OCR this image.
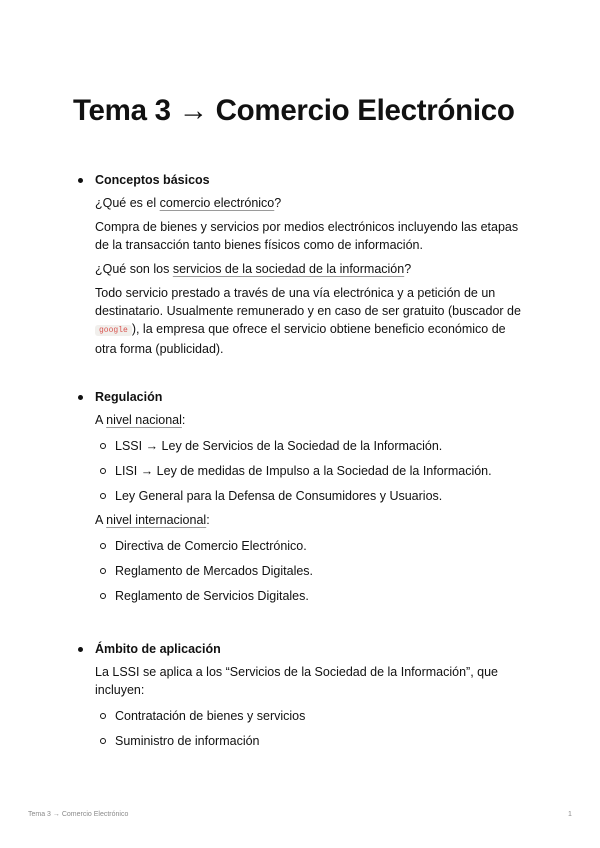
Tema 3 → Comercio Electrónico
Conceptos básicos
¿Qué es el comercio electrónico?
Compra de bienes y servicios por medios electrónicos incluyendo las etapas de la transacción tanto bienes físicos como de información.
¿Qué son los servicios de la sociedad de la información?
Todo servicio prestado a través de una vía electrónica y a petición de un destinatario. Usualmente remunerado y en caso de ser gratuito (buscador de google ), la empresa que ofrece el servicio obtiene beneficio económico de otra forma (publicidad).
Regulación
A nivel nacional:
LSSI → Ley de Servicios de la Sociedad de la Información.
LISI → Ley de medidas de Impulso a la Sociedad de la Información.
Ley General para la Defensa de Consumidores y Usuarios.
A nivel internacional:
Directiva de Comercio Electrónico.
Reglamento de Mercados Digitales.
Reglamento de Servicios Digitales.
Ámbito de aplicación
La LSSI se aplica a los “Servicios de la Sociedad de la Información”, que incluyen:
Contratación de bienes y servicios
Suministro de información
Tema 3 → Comercio Electrónico	1
